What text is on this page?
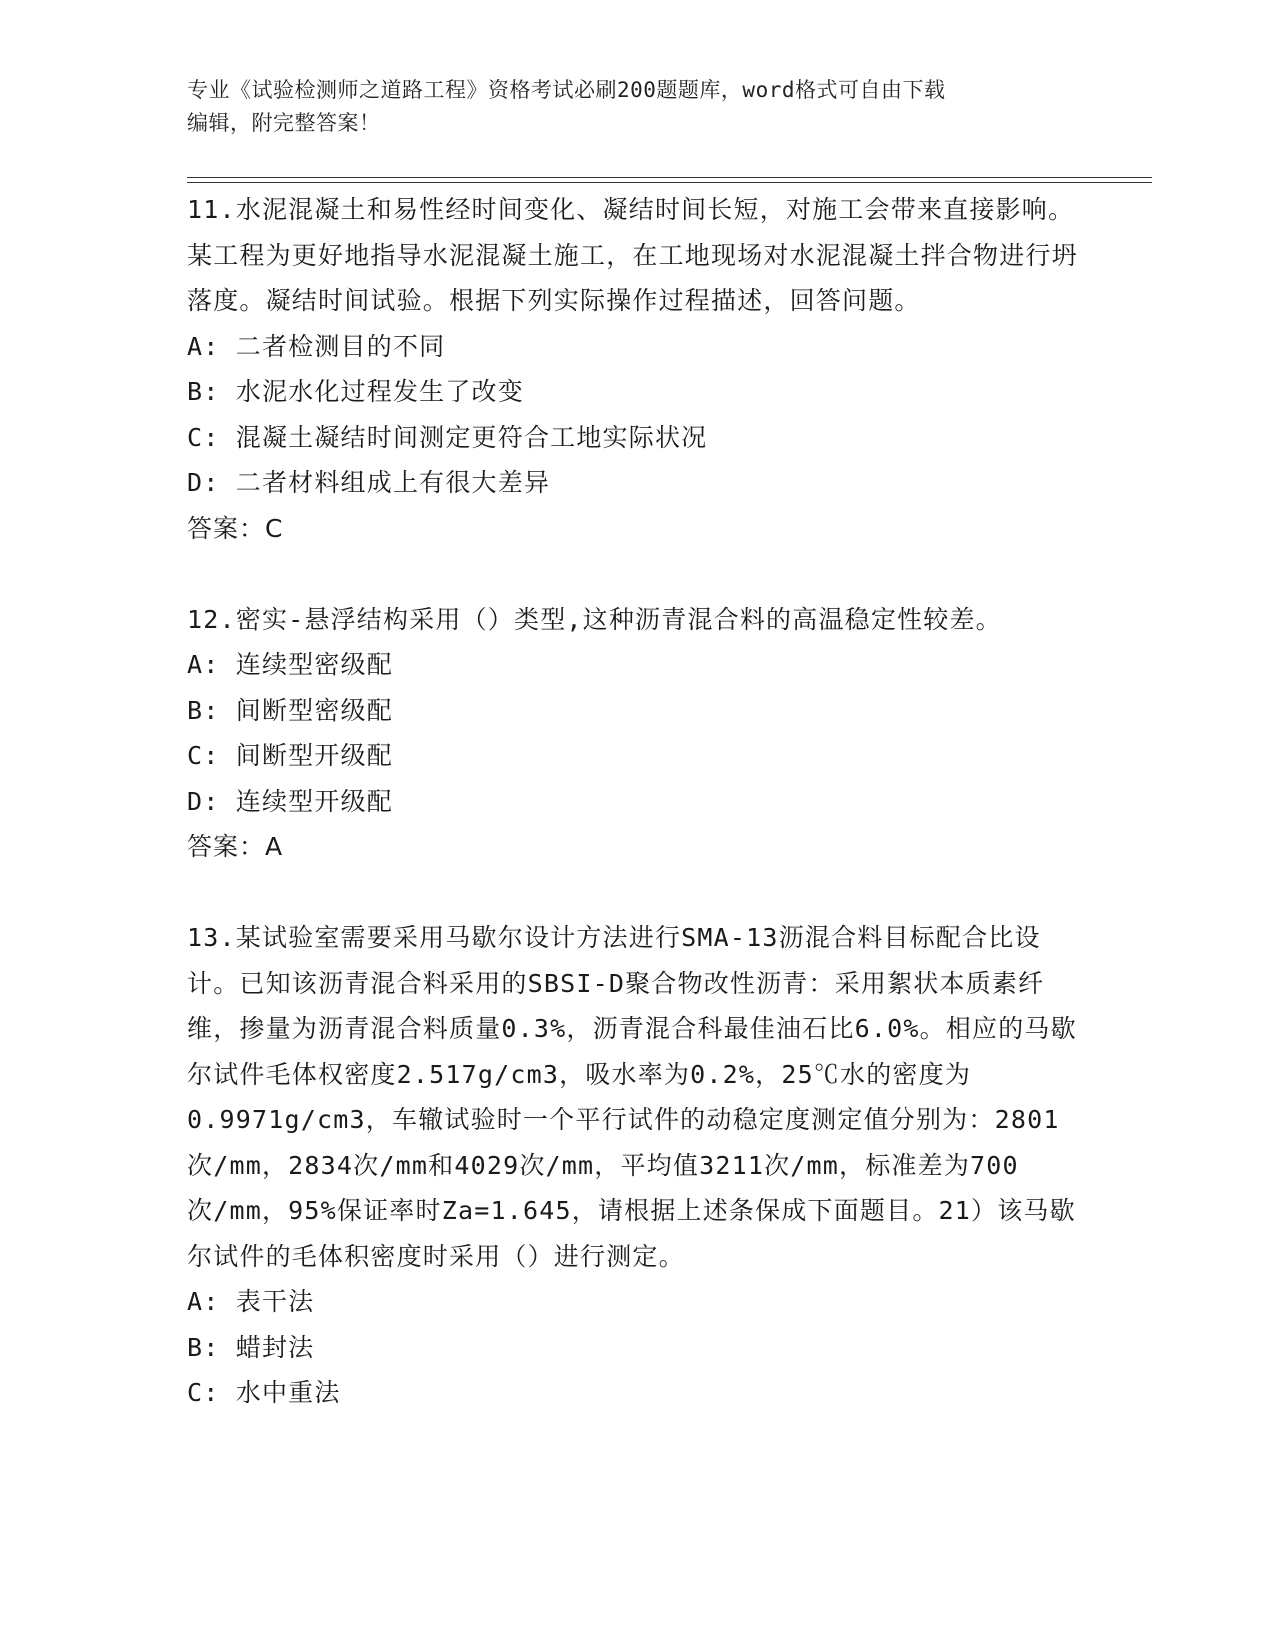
专业《试验检测师之道路工程》资格考试必刷200题题库，word格式可自由下载
编辑，附完整答案！
11.水泥混凝土和易性经时间变化、凝结时间长短，对施工会带来直接影响。某工程为更好地指导水泥混凝土施工，在工地现场对水泥混凝土拌合物进行坍落度。凝结时间试验。根据下列实际操作过程描述，回答问题。
A: 二者检测目的不同
B: 水泥水化过程发生了改变
C: 混凝土凝结时间测定更符合工地实际状况
D: 二者材料组成上有很大差异
答案：C
12.密实-悬浮结构采用（）类型,这种沥青混合料的高温稳定性较差。
A: 连续型密级配
B: 间断型密级配
C: 间断型开级配
D: 连续型开级配
答案：A
13.某试验室需要采用马歇尔设计方法进行SMA-13沥混合料目标配合比设计。已知该沥青混合料采用的SBSI-D聚合物改性沥青：采用絮状本质素纤维，掺量为沥青混合料质量0.3%，沥青混合科最佳油石比6.0%。相应的马歇尔试件毛体权密度2.517g/cm3，吸水率为0.2%，25℃水的密度为0.9971g/cm3，车辙试验时一个平行试件的动稳定度测定值分别为：2801次/mm，2834次/mm和4029次/mm，平均值3211次/mm，标准差为700次/mm，95%保证率时Za=1.645，请根据上述条保成下面题目。21）该马歇尔试件的毛体积密度时采用（）进行测定。
A: 表干法
B: 蜡封法
C: 水中重法
